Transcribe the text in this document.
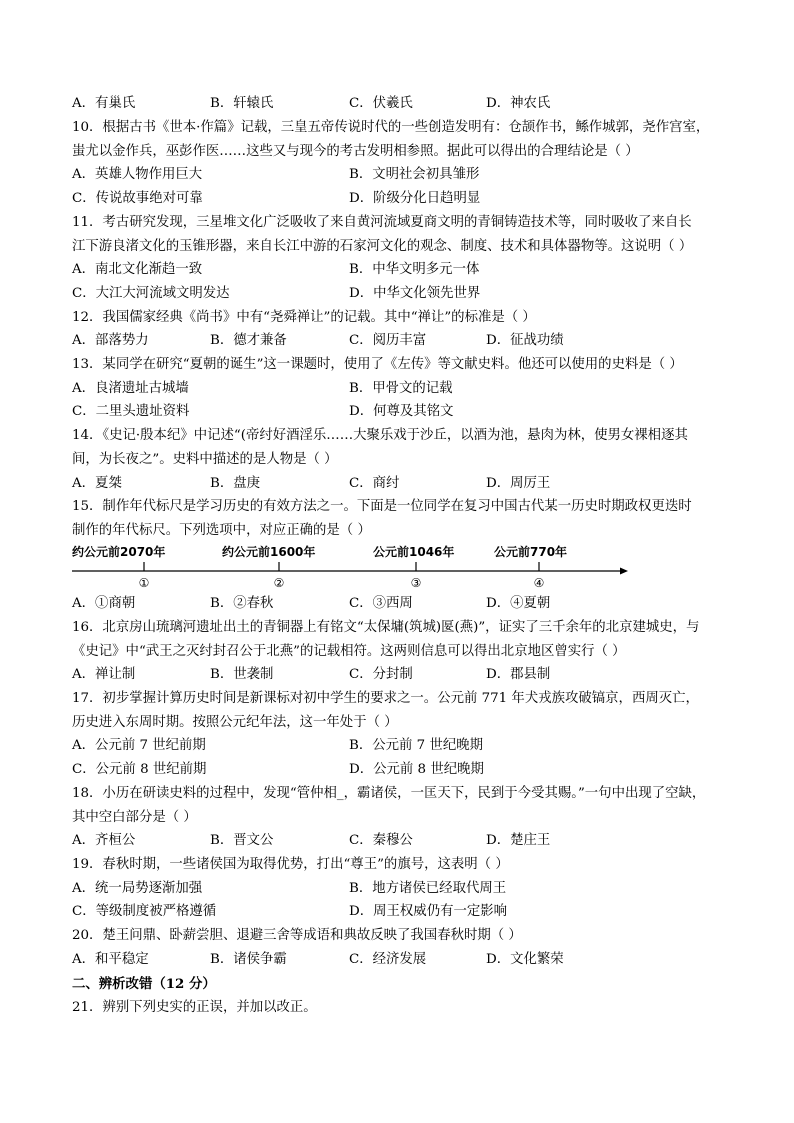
A．有巢氏	B．轩辕氏	C．伏羲氏	D．神农氏
10．根据古书《世本·作篇》记载，三皇五帝传说时代的一些创造发明有：仓颉作书，鲧作城郭，尧作宫室，
蚩尤以金作兵，巫彭作医……这些又与现今的考古发明相参照。据此可以得出的合理结论是（ ）
A．英雄人物作用巨大	B．文明社会初具雏形
C．传说故事绝对可靠	D．阶级分化日趋明显
11．考古研究发现，三星堆文化广泛吸收了来自黄河流域夏商文明的青铜铸造技术等，同时吸收了来自长
江下游良渚文化的玉锥形器，来自长江中游的石家河文化的观念、制度、技术和具体器物等。这说明（ ）
A．南北文化渐趋一致	B．中华文明多元一体
C．大江大河流域文明发达	D．中华文化领先世界
12．我国儒家经典《尚书》中有“尧舜禅让”的记载。其中“禅让”的标准是（ ）
A．部落势力	B．德才兼备	C．阅历丰富	D．征战功绩
13．某同学在研究“夏朝的诞生”这一课题时，使用了《左传》等文献史料。他还可以使用的史料是（ ）
A．良渚遗址古城墙	B．甲骨文的记载
C．二里头遗址资料	D．何尊及其铭文
14．《史记·殷本纪》中记述“(帝纣好酒淫乐……大聚乐戏于沙丘，以酒为池，悬肉为林，使男女裸相逐其
间，为长夜之”。史料中描述的是人物是（ ）
A．夏桀	B．盘庚	C．商纣	D．周厉王
15．制作年代标尺是学习历史的有效方法之一。下面是一位同学在复习中国古代某一历史时期政权更迭时
制作的年代标尺。下列选项中，对应正确的是（ ）
约公元前2070年	约公元前1600年	公元前1046年	公元前770年
①	②	③	④
A．①商朝	B．②春秋	C．③西周	D．④夏朝
16．北京房山琉璃河遗址出土的青铜器上有铭文“太保墉(筑城)匽(燕)”，证实了三千余年的北京建城史，与
《史记》中“武王之灭纣封召公于北燕”的记载相符。这两则信息可以得出北京地区曾实行（ ）
A．禅让制	B．世袭制	C．分封制	D．郡县制
17．初步掌握计算历史时间是新课标对初中学生的要求之一。公元前 771 年犬戎族攻破镐京，西周灭亡，
历史进入东周时期。按照公元纪年法，这一年处于（ ）
A．公元前 7 世纪前期	B．公元前 7 世纪晚期
C．公元前 8 世纪前期	D．公元前 8 世纪晚期
18．小历在研读史料的过程中，发现“管仲相_，霸诸侯，一匡天下，民到于今受其赐。”一句中出现了空缺，
其中空白部分是（ ）
A．齐桓公	B．晋文公	C．秦穆公	D．楚庄王
19．春秋时期，一些诸侯国为取得优势，打出“尊王”的旗号，这表明（ ）
A．统一局势逐渐加强	B．地方诸侯已经取代周王
C．等级制度被严格遵循	D．周王权威仍有一定影响
20．楚王问鼎、卧薪尝胆、退避三舍等成语和典故反映了我国春秋时期（ ）
A．和平稳定	B．诸侯争霸	C．经济发展	D．文化繁荣
二、辨析改错（12 分）
21．辨别下列史实的正误，并加以改正。
